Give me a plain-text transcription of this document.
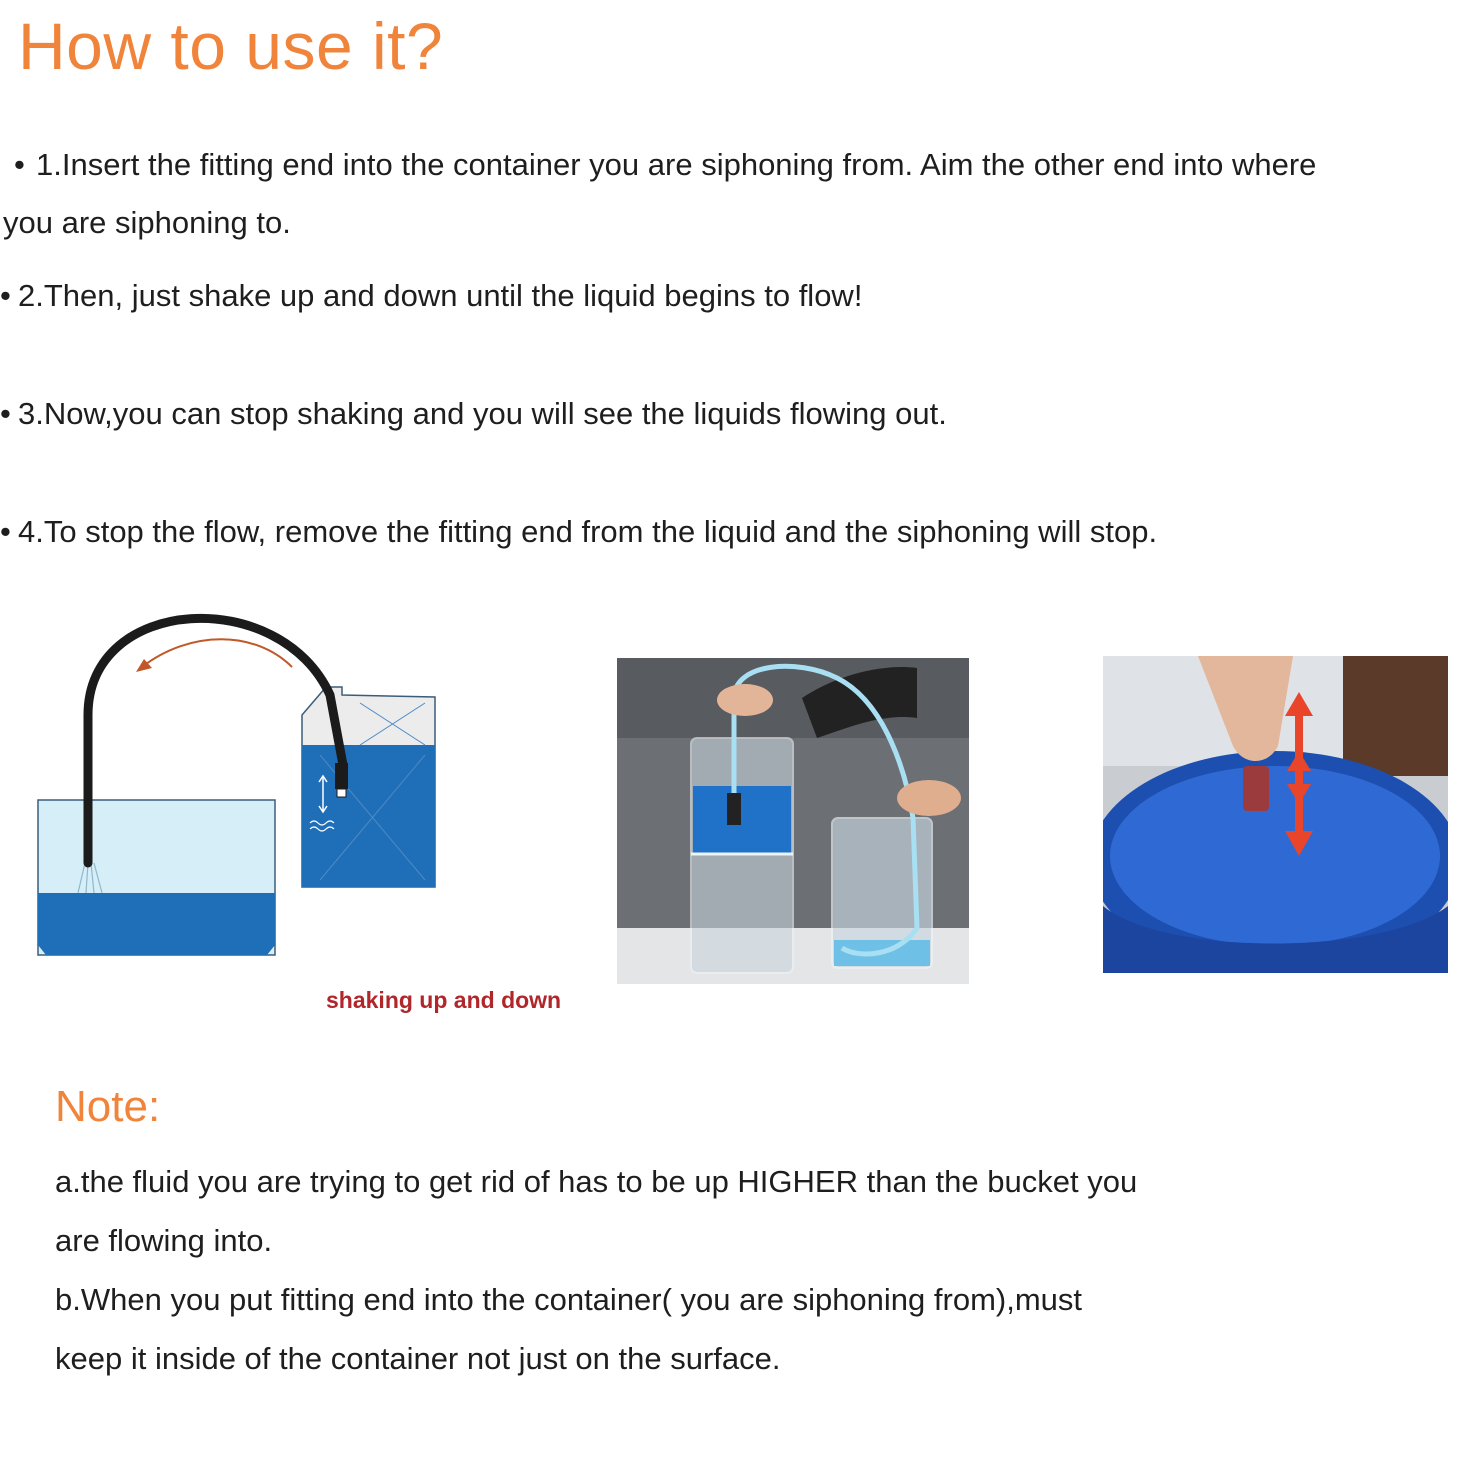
How to use it?
• 1.Insert the fitting end into the container you are siphoning from. Aim the other end into where
you are siphoning to.
• 2.Then, just shake up and down until the liquid begins to flow!
• 3.Now,you can stop shaking and you will see the liquids flowing out.
• 4.To stop the flow, remove the fitting end from the liquid and the siphoning will stop.
shaking up and down
Note:
a.the fluid you are trying to get rid of has to be up HIGHER than the bucket you
are flowing into.
b.When you put fitting end into the container( you are siphoning from),must
keep it inside of the container not just on the surface.
